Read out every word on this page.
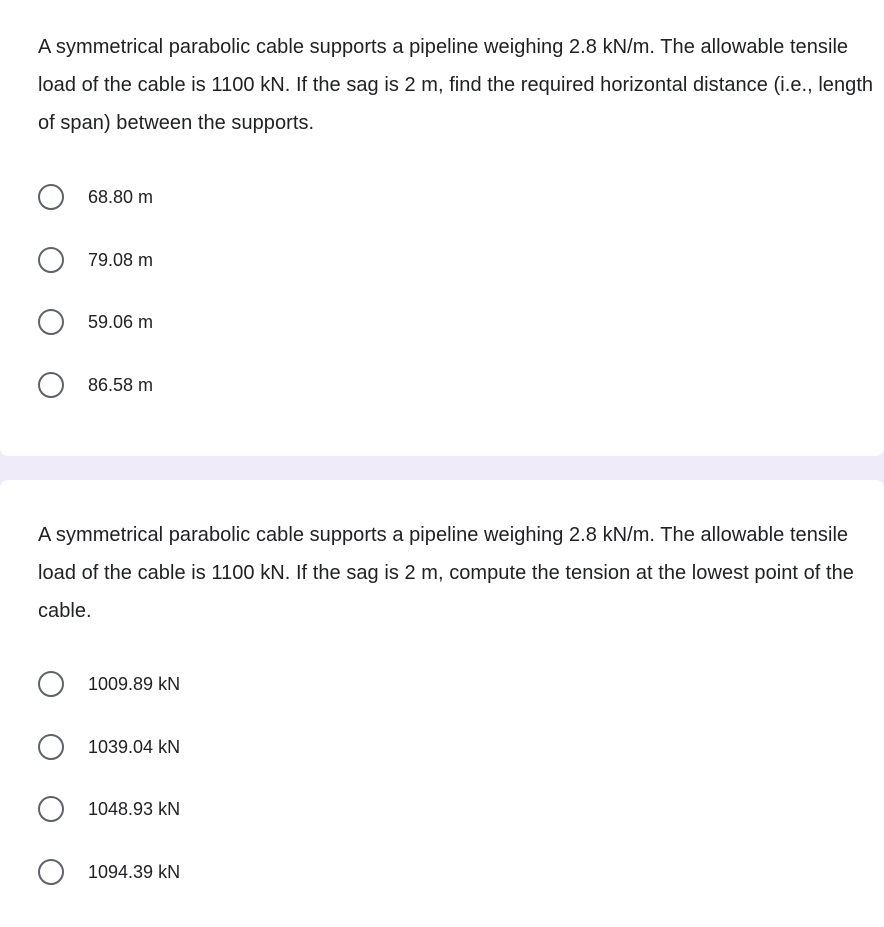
A symmetrical parabolic cable supports a pipeline weighing 2.8 kN/m. The allowable tensile load of the cable is 1100 kN. If the sag is 2 m, find the required horizontal distance (i.e., length of span) between the supports.

68.80 m
79.08 m
59.06 m
86.58 m

A symmetrical parabolic cable supports a pipeline weighing 2.8 kN/m. The allowable tensile load of the cable is 1100 kN. If the sag is 2 m, compute the tension at the lowest point of the cable.

1009.89 kN
1039.04 kN
1048.93 kN
1094.39 kN
